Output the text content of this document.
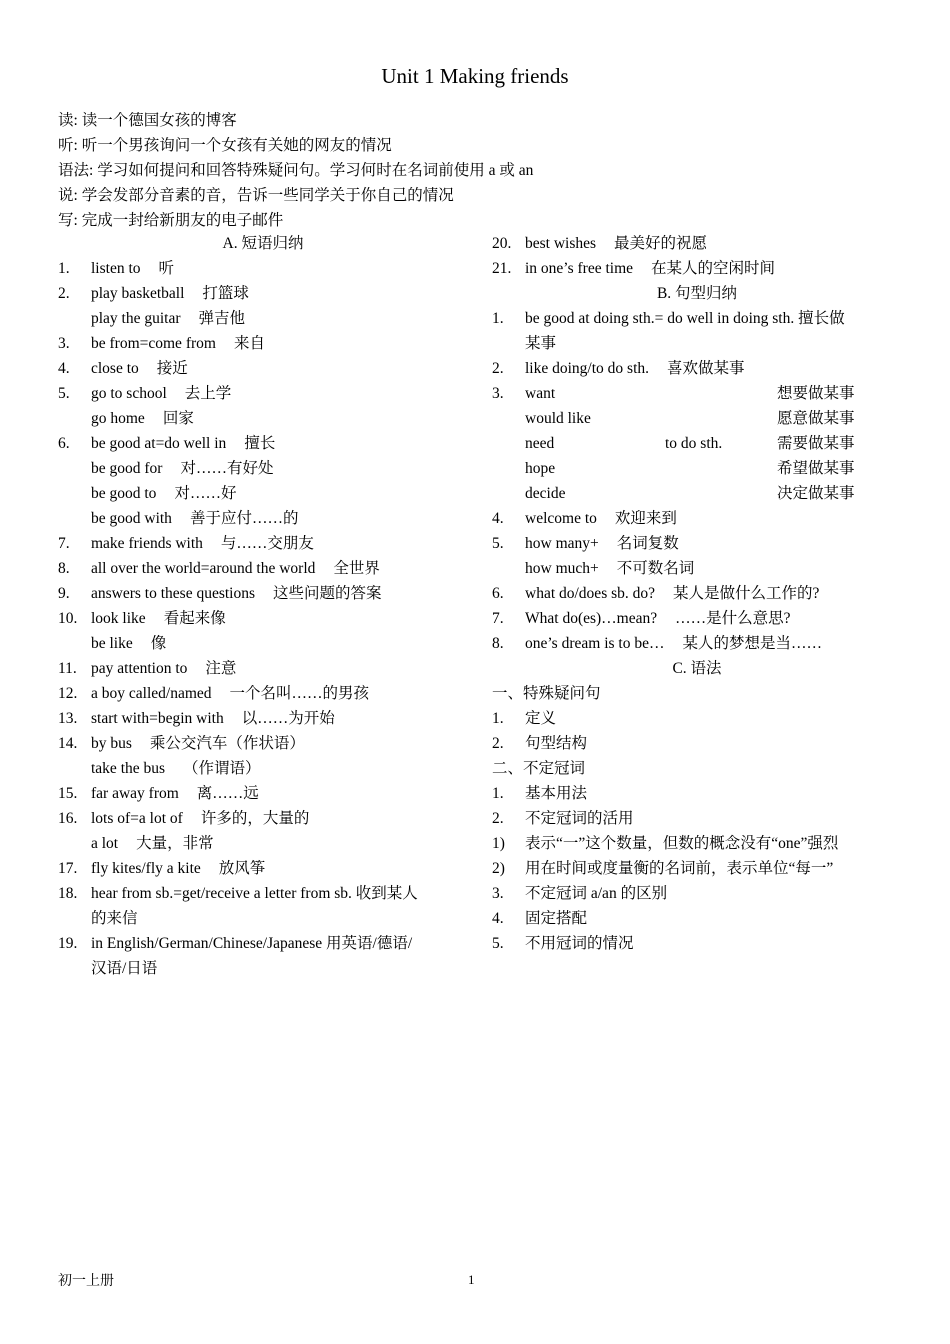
Unit 1 Making friends
读: 读一个德国女孩的博客
听: 听一个男孩询问一个女孩有关她的网友的情况
语法: 学习如何提问和回答特殊疑问句。学习何时在名词前使用 a 或 an
说: 学会发部分音素的音，告诉一些同学关于你自己的情况
写: 完成一封给新朋友的电子邮件
A. 短语归纳
1. listen to 听
2. play basketball 打篮球
play the guitar 弹吉他
3. be from=come from 来自
4. close to 接近
5. go to school 去上学
go home 回家
6. be good at=do well in 擅长
be good for 对……有好处
be good to 对……好
be good with 善于应付……的
7. make friends with 与……交朋友
8. all over the world=around the world 全世界
9. answers to these questions 这些问题的答案
10. look like 看起来像
be like 像
11. pay attention to 注意
12. a boy called/named 一个名叫……的男孩
13. start with=begin with 以……为开始
14. by bus 乘公交汽车（作状语）
take the bus （作谓语）
15. far away from 离……远
16. lots of=a lot of 许多的，大量的
a lot 大量，非常
17. fly kites/fly a kite 放风筝
18. hear from sb.=get/receive a letter from sb. 收到某人
的来信
19. in English/German/Chinese/Japanese 用英语/德语/
汉语/日语
20. best wishes 最美好的祝愿
21. in one’s free time 在某人的空闲时间
B. 句型归纳
1. be good at doing sth.= do well in doing sth. 擅长做
某事
2. like doing/to do sth. 喜欢做某事
3. want	想要做某事
would like	愿意做某事
need	to do sth.	需要做某事
hope	希望做某事
decide	决定做某事
4. welcome to 欢迎来到
5. how many+ 名词复数
how much+ 不可数名词
6. what do/does sb. do? 某人是做什么工作的?
7. What do(es)…mean? ……是什么意思?
8. one’s dream is to be… 某人的梦想是当……
C. 语法
一、特殊疑问句
1. 定义
2. 句型结构
二、不定冠词
1. 基本用法
2. 不定冠词的活用
1) 表示“一”这个数量，但数的概念没有“one”强烈
2) 用在时间或度量衡的名词前，表示单位“每一”
3. 不定冠词 a/an 的区别
4. 固定搭配
5. 不用冠词的情况
初一上册	1
